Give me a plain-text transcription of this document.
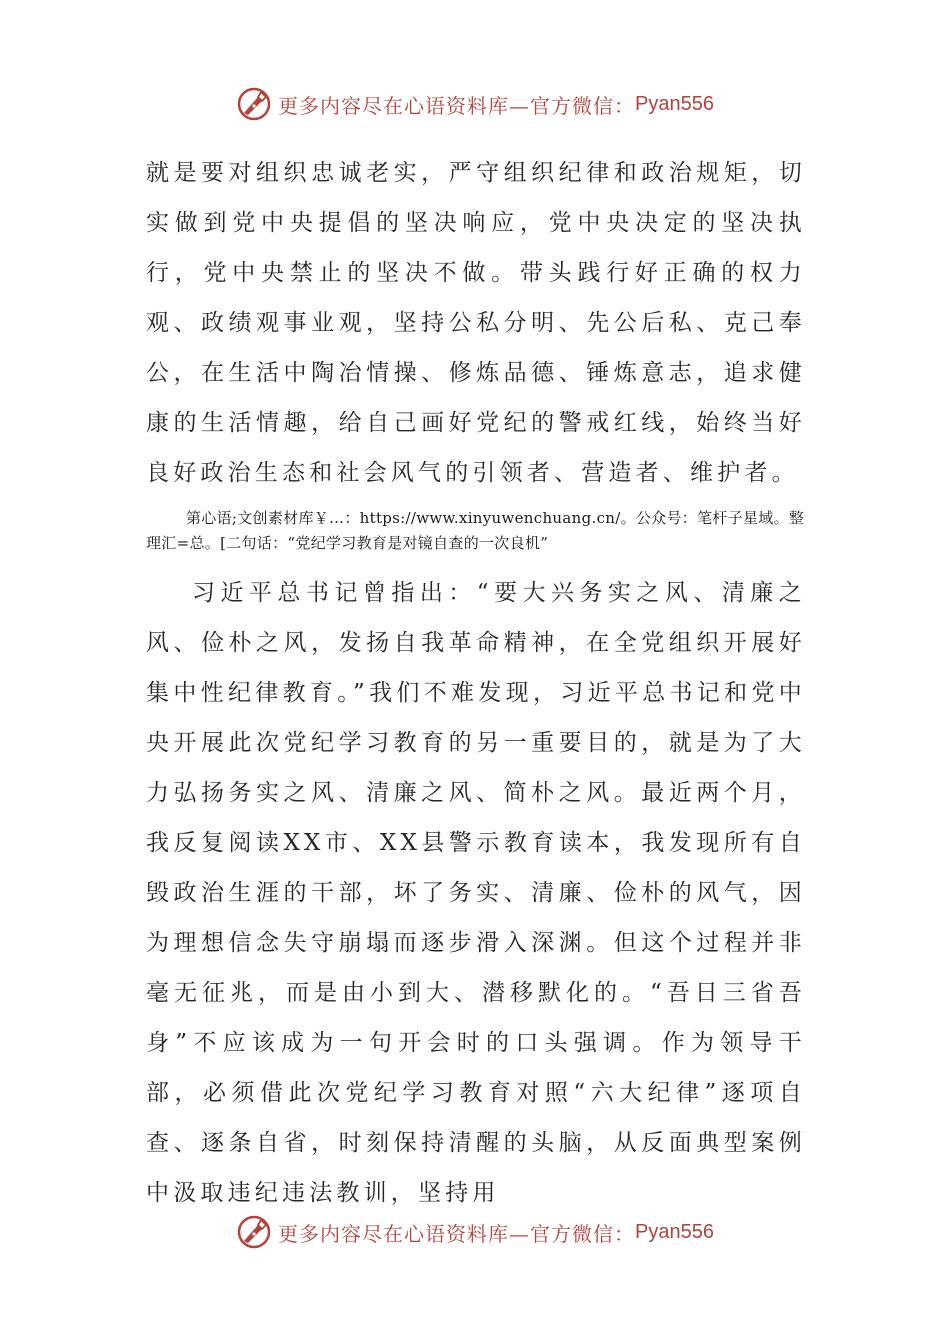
更多内容尽在心语资料库—官方微信： Pyan556

就是要对组织忠诚老实，严守组织纪律和政治规矩，切实做到党中央提倡的坚决响应，党中央决定的坚决执行，党中央禁止的坚决不做。带头践行好正确的权力观、政绩观事业观，坚持公私分明、先公后私、克己奉公，在生活中陶冶情操、修炼品德、锤炼意志，追求健康的生活情趣，给自己画好党纪的警戒红线，始终当好良好政治生态和社会风气的引领者、营造者、维护者。

第心语;文创素材库￥…：https://www.xinyuwenchuang.cn/。公众号：笔杆子星域。整理汇=总。[二句话：“党纪学习教育是对镜自查的一次良机”

习近平总书记曾指出：“要大兴务实之风、清廉之风、俭朴之风，发扬自我革命精神，在全党组织开展好集中性纪律教育。”我们不难发现，习近平总书记和党中央开展此次党纪学习教育的另一重要目的，就是为了大力弘扬务实之风、清廉之风、简朴之风。最近两个月，我反复阅读XX市、XX县警示教育读本，我发现所有自毁政治生涯的干部，坏了务实、清廉、俭朴的风气，因为理想信念失守崩塌而逐步滑入深渊。但这个过程并非毫无征兆，而是由小到大、潜移默化的。“吾日三省吾身”不应该成为一句开会时的口头强调。作为领导干部，必须借此次党纪学习教育对照“六大纪律”逐项自查、逐条自省，时刻保持清醒的头脑，从反面典型案例中汲取违纪违法教训，坚持用

更多内容尽在心语资料库—官方微信： Pyan556
